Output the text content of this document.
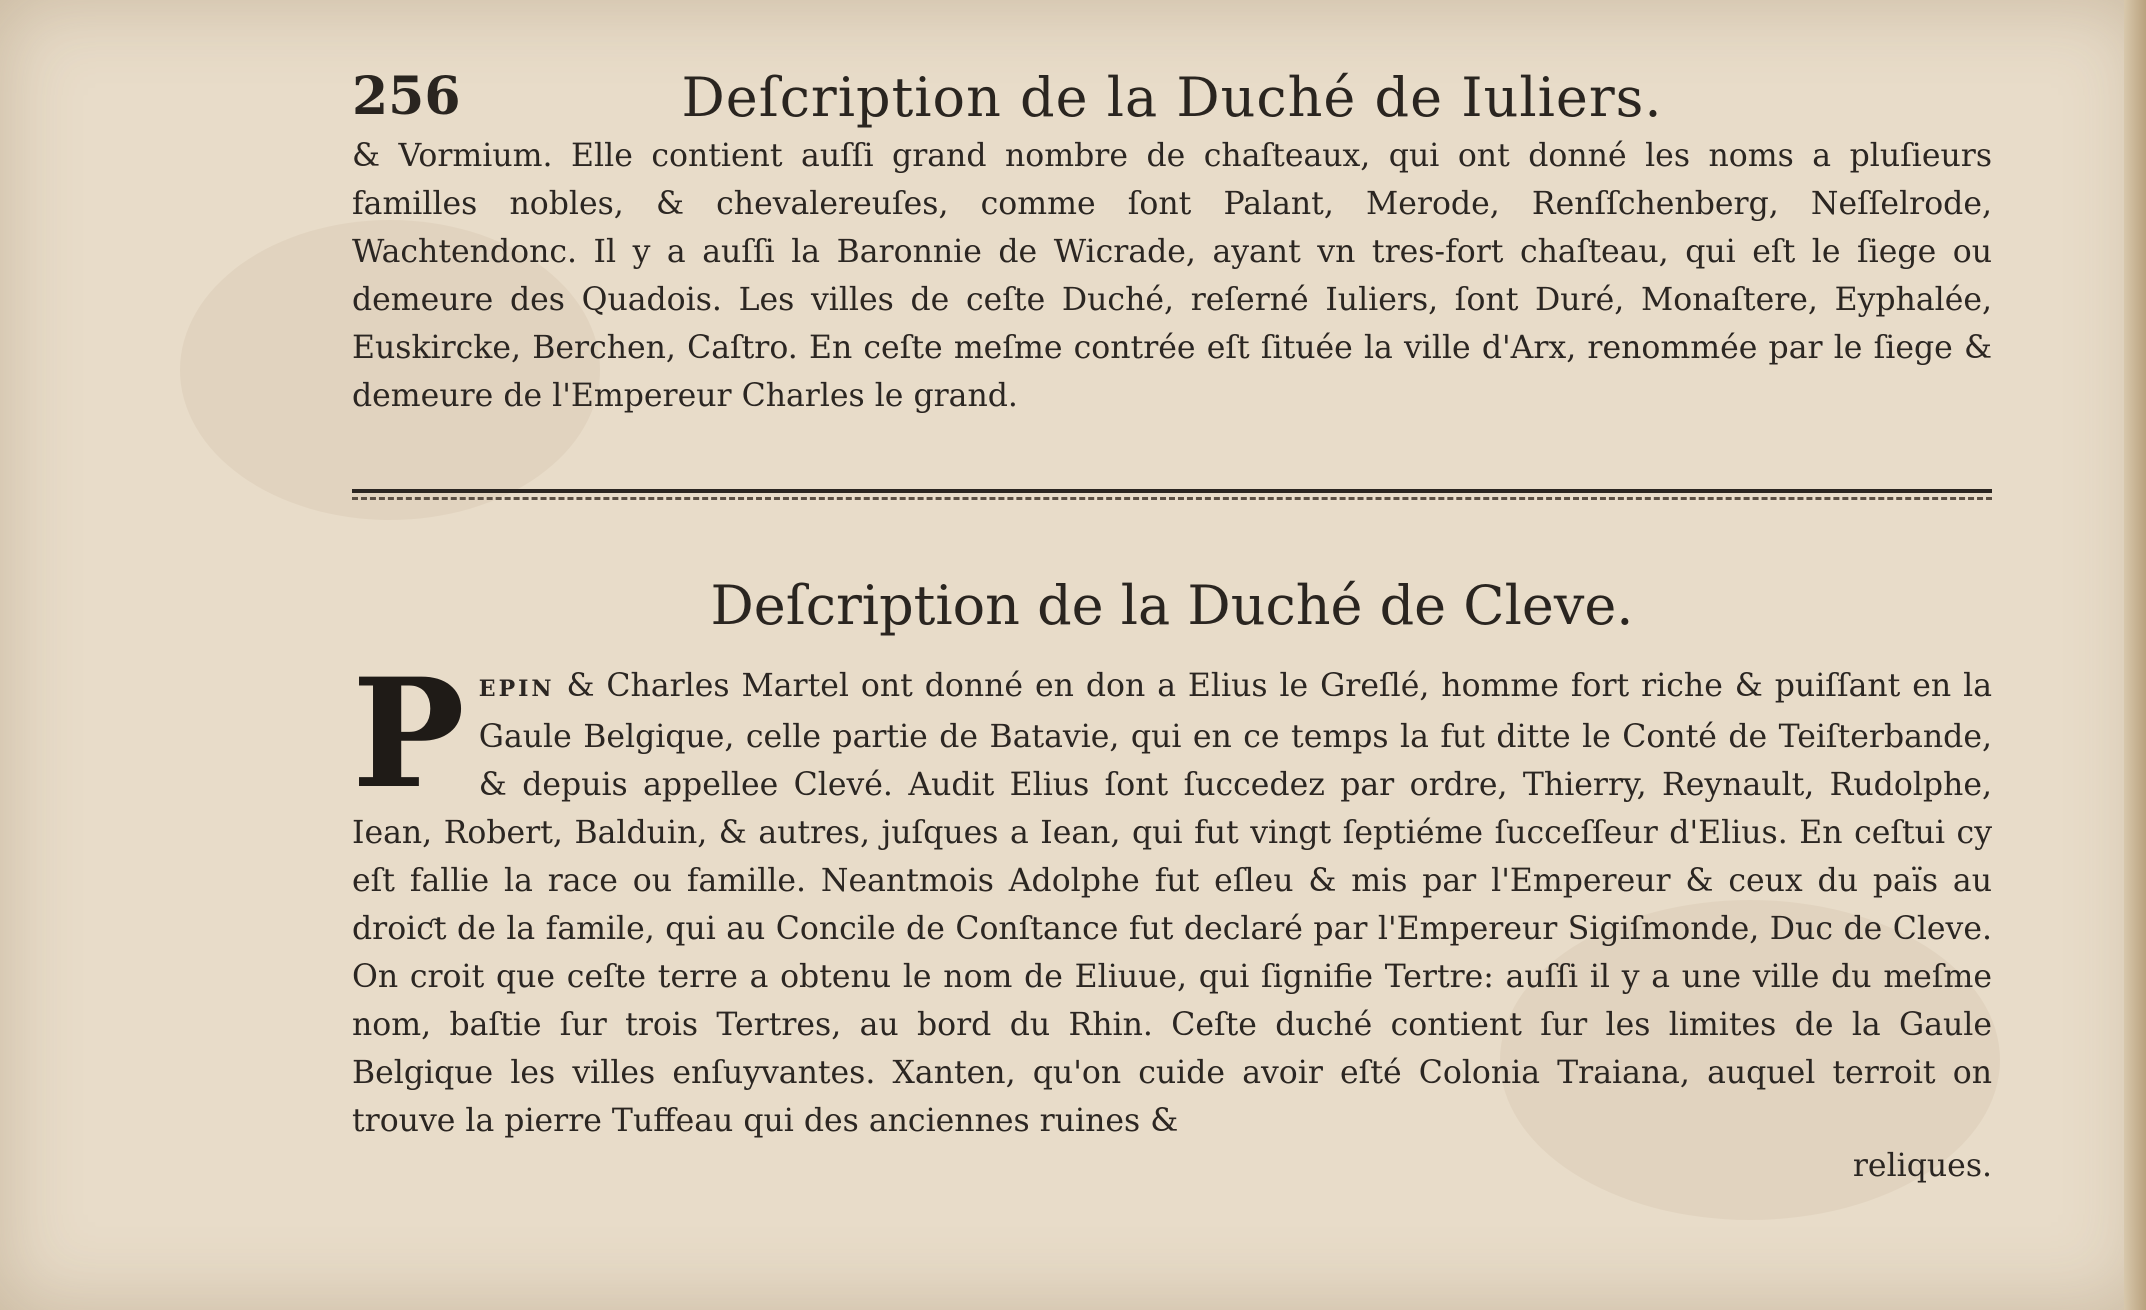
256	Deſcription de la Duché de Iuliers.

& Vormium. Elle contient auſſi grand nombre de chaſteaux, qui ont donné les noms a pluſieurs familles nobles, & chevalereuſes, comme ſont Palant, Merode, Renſſchenberg, Neſſelrode, Wachtendonc. Il y a auſſi la Baronnie de Wicrade, ayant vn tres-fort chaſteau, qui eſt le ſiege ou demeure des Quadois. Les villes de ceſte Duché, reſerné Iuliers, ſont Duré, Monaſtere, Eyphalée, Euskircke, Berchen, Caſtro. En ceſte meſme contrée eſt ſituée la ville d'Arx, renommée par le ſiege & demeure de l'Empereur Charles le grand.

Deſcription de la Duché de Cleve.

PEPIN & Charles Martel ont donné en don a Elius le Greſlé, homme fort riche & puiſſant en la Gaule Belgique, celle partie de Batavie, qui en ce temps la fut ditte le Conté de Teiſterbande, & depuis appellee Clevé. Audit Elius ſont ſuccedez par ordre, Thierry, Reynault, Rudolphe, Iean, Robert, Balduin, & autres, juſques a Iean, qui fut vingt ſeptiéme ſucceſſeur d'Elius. En ceſtui cy eſt fallie la race ou famille. Neantmois Adolphe fut eſleu & mis par l'Empereur & ceux du païs au droiƈt de la famile, qui au Concile de Conſtance fut declaré par l'Empereur Sigiſmonde, Duc de Cleve. On croit que ceſte terre a obtenu le nom de Eliuue, qui ſignifie Tertre: auſſi il y a une ville du meſme nom, baſtie ſur trois Tertres, au bord du Rhin. Ceſte duché contient ſur les limites de la Gaule Belgique les villes enſuyvantes. Xanten, qu'on cuide avoir eſté Colonia Traiana, auquel terroit on trouve la pierre Tuffeau qui des anciennes ruines &

reliques.
